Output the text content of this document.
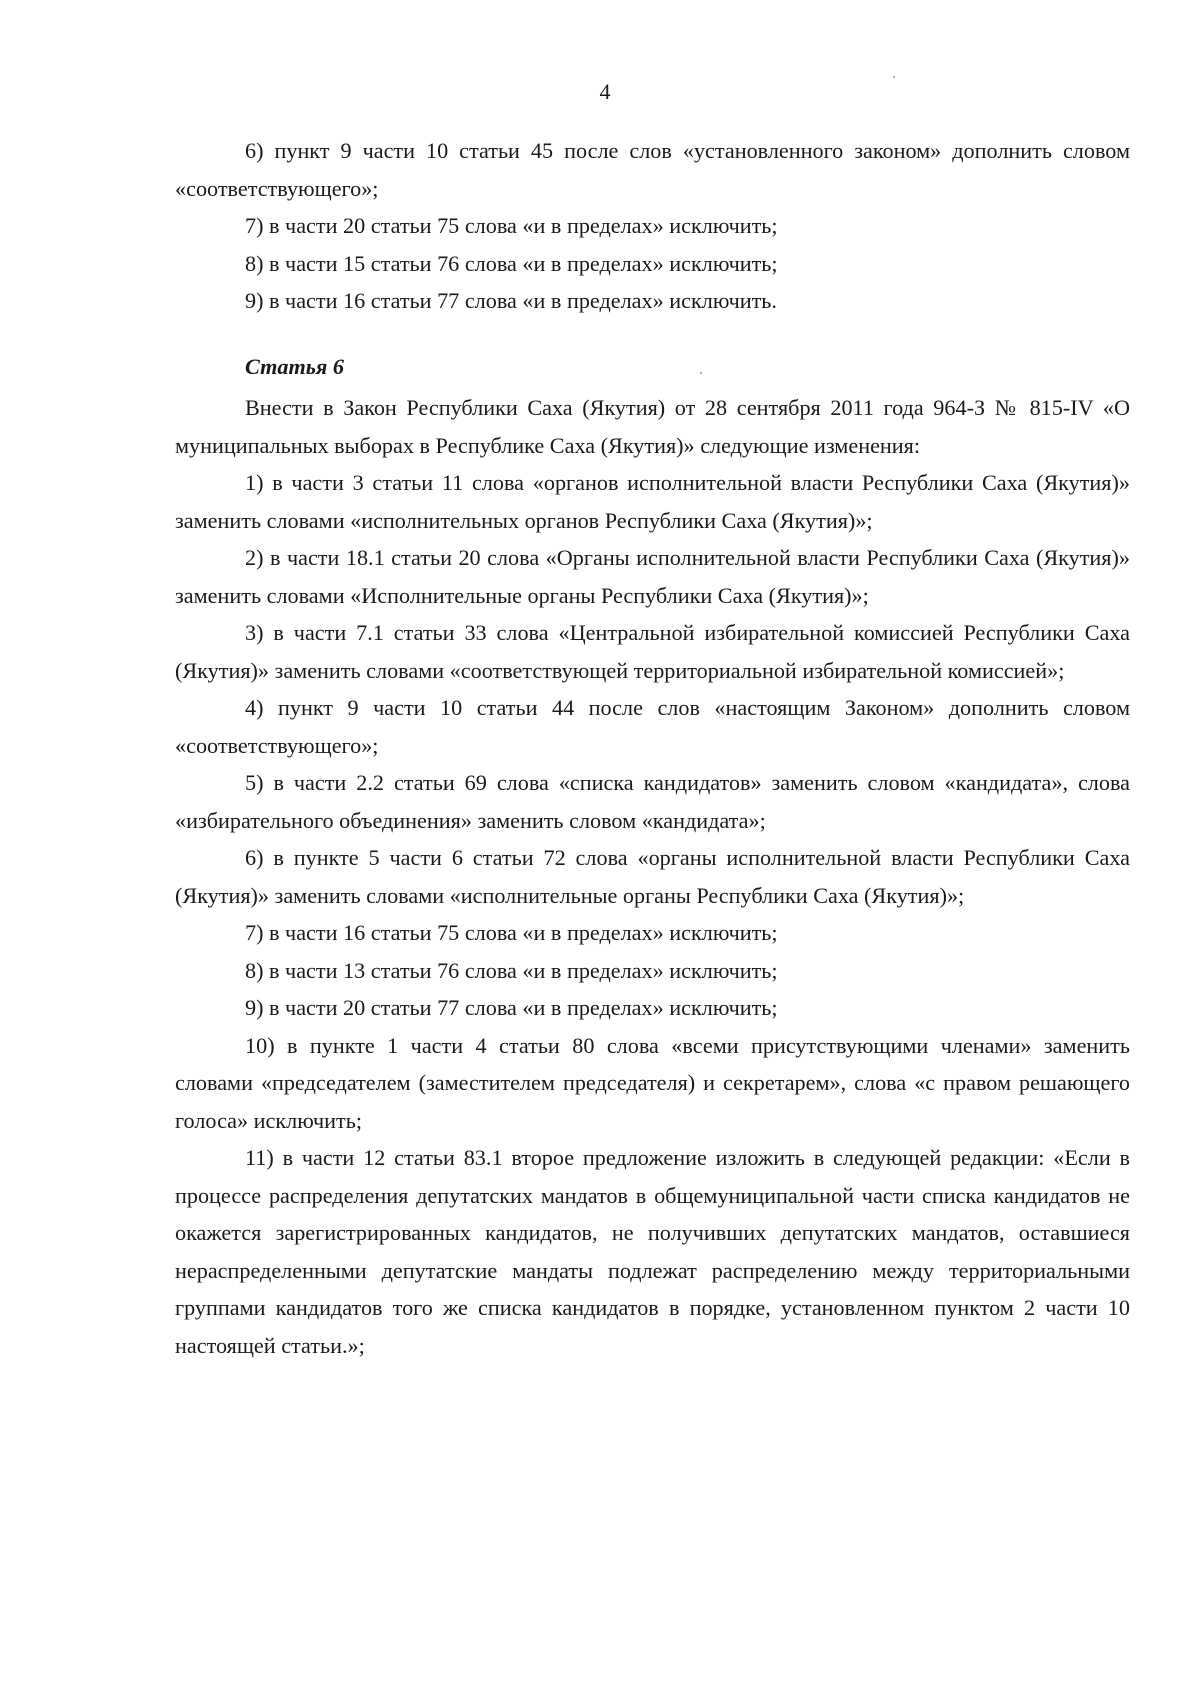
4

6) пункт 9 части 10 статьи 45 после слов «установленного законом» дополнить словом «соответствующего»;

7) в части 20 статьи 75 слова «и в пределах» исключить;

8) в части 15 статьи 76 слова «и в пределах» исключить;

9) в части 16 статьи 77 слова «и в пределах» исключить.

Статья 6

Внести в Закон Республики Саха (Якутия) от 28 сентября 2011 года 964-З № 815-IV «О муниципальных выборах в Республике Саха (Якутия)» следующие изменения:

1) в части 3 статьи 11 слова «органов исполнительной власти Республики Саха (Якутия)» заменить словами «исполнительных органов Республики Саха (Якутия)»;

2) в части 18.1 статьи 20 слова «Органы исполнительной власти Республики Саха (Якутия)» заменить словами «Исполнительные органы Республики Саха (Якутия)»;

3) в части 7.1 статьи 33 слова «Центральной избирательной комиссией Республики Саха (Якутия)» заменить словами «соответствующей территориальной избирательной комиссией»;

4) пункт 9 части 10 статьи 44 после слов «настоящим Законом» дополнить словом «соответствующего»;

5) в части 2.2 статьи 69 слова «списка кандидатов» заменить словом «кандидата», слова «избирательного объединения» заменить словом «кандидата»;

6) в пункте 5 части 6 статьи 72 слова «органы исполнительной власти Республики Саха (Якутия)» заменить словами «исполнительные органы Республики Саха (Якутия)»;

7) в части 16 статьи 75 слова «и в пределах» исключить;

8) в части 13 статьи 76 слова «и в пределах» исключить;

9) в части 20 статьи 77 слова «и в пределах» исключить;

10) в пункте 1 части 4 статьи 80 слова «всеми присутствующими членами» заменить словами «председателем (заместителем председателя) и секретарем», слова «с правом решающего голоса» исключить;

11) в части 12 статьи 83.1 второе предложение изложить в следующей редакции: «Если в процессе распределения депутатских мандатов в общемуниципальной части списка кандидатов не окажется зарегистрированных кандидатов, не получивших депутатских мандатов, оставшиеся нераспределенными депутатские мандаты подлежат распределению между территориальными группами кандидатов того же списка кандидатов в порядке, установленном пунктом 2 части 10 настоящей статьи.»;
